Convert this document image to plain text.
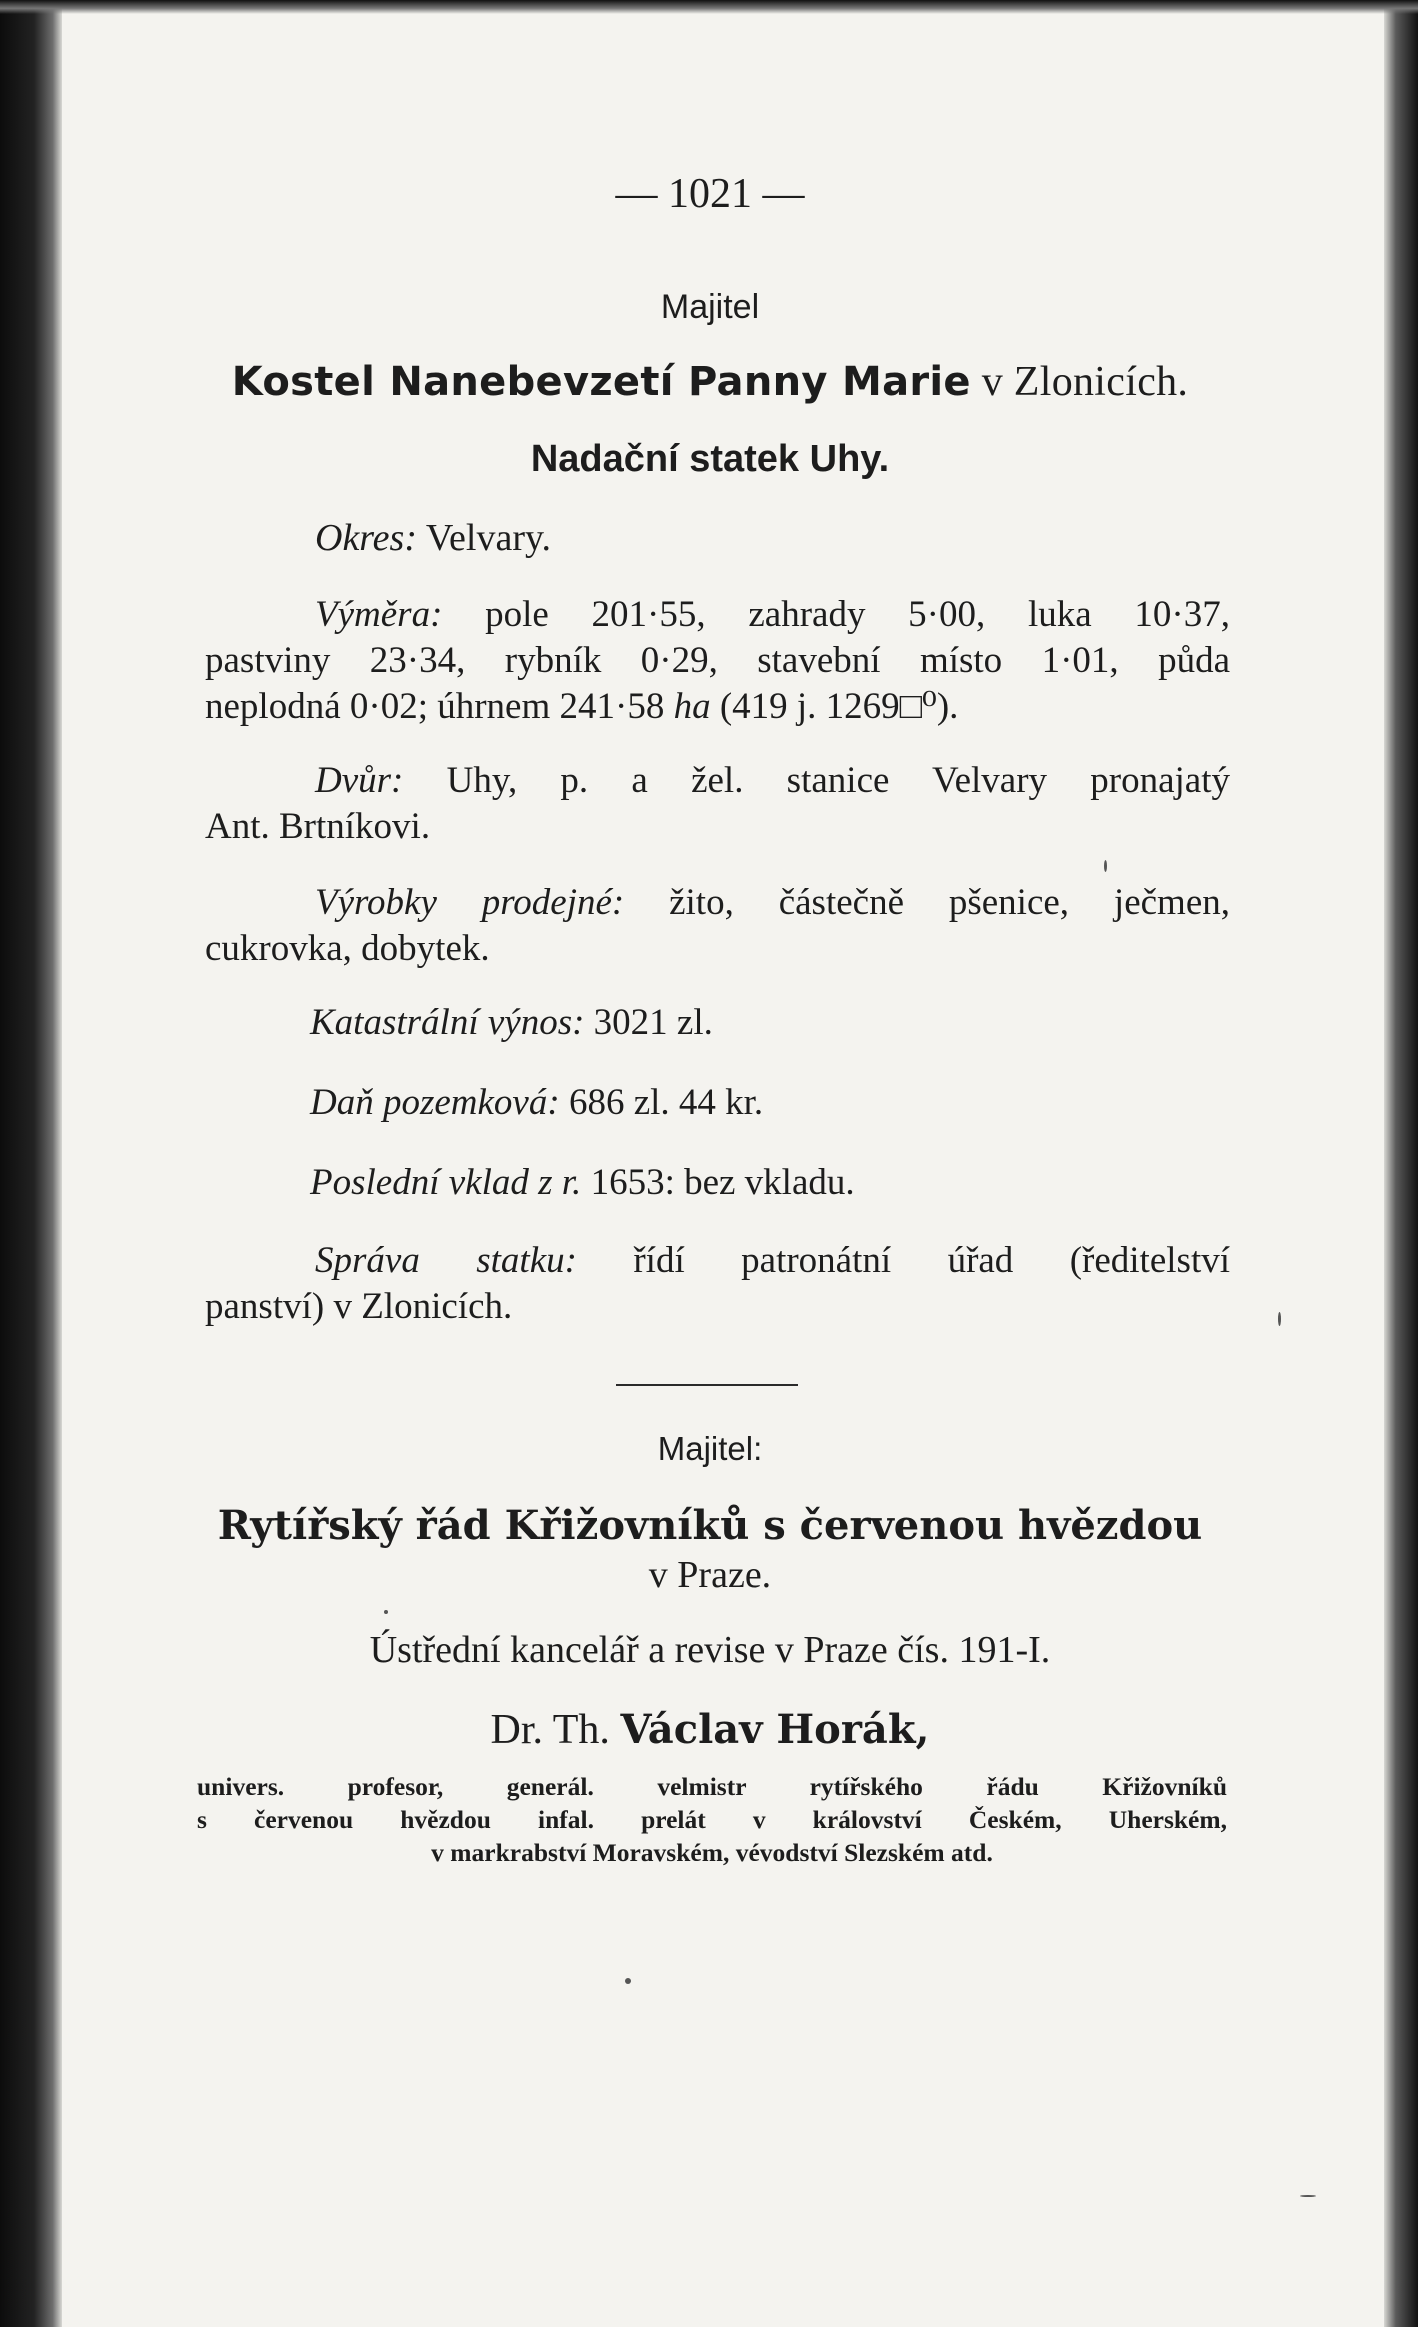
— 1021 —

Majitel

Kostel Nanebevzetí Panny Marie v Zlonicích.

Nadační statek Uhy.

Okres: Velvary.

Výměra: pole 201·55, zahrady 5·00, luka 10·37,
pastviny 23·34, rybník 0·29, stavební místo 1·01, půda
neplodná 0·02; úhrnem 241·58 ha (419 j. 1269□⁰).
Dvůr: Uhy, p. a žel. stanice Velvary pronajatý
Ant. Brtníkovi.
Výrobky prodejné: žito, částečně pšenice, ječmen,
cukrovka, dobytek.

Katastrální výnos: 3021 zl.

Daň pozemková: 686 zl. 44 kr.

Poslední vklad z r. 1653: bez vkladu.

Správa statku: řídí patronátní úřad (ředitelství
panství) v Zlonicích.

Majitel:

Rytířský řád Křižovníků s červenou hvězdou

v Praze.

Ústřední kancelář a revise v Praze čís. 191-I.

Dr. Th. Václav Horák,

univers. profesor, generál. velmistr rytířského řádu Křižovníků
s červenou hvězdou infal. prelát v království Českém, Uherském,
v markrabství Moravském, vévodství Slezském atd.
